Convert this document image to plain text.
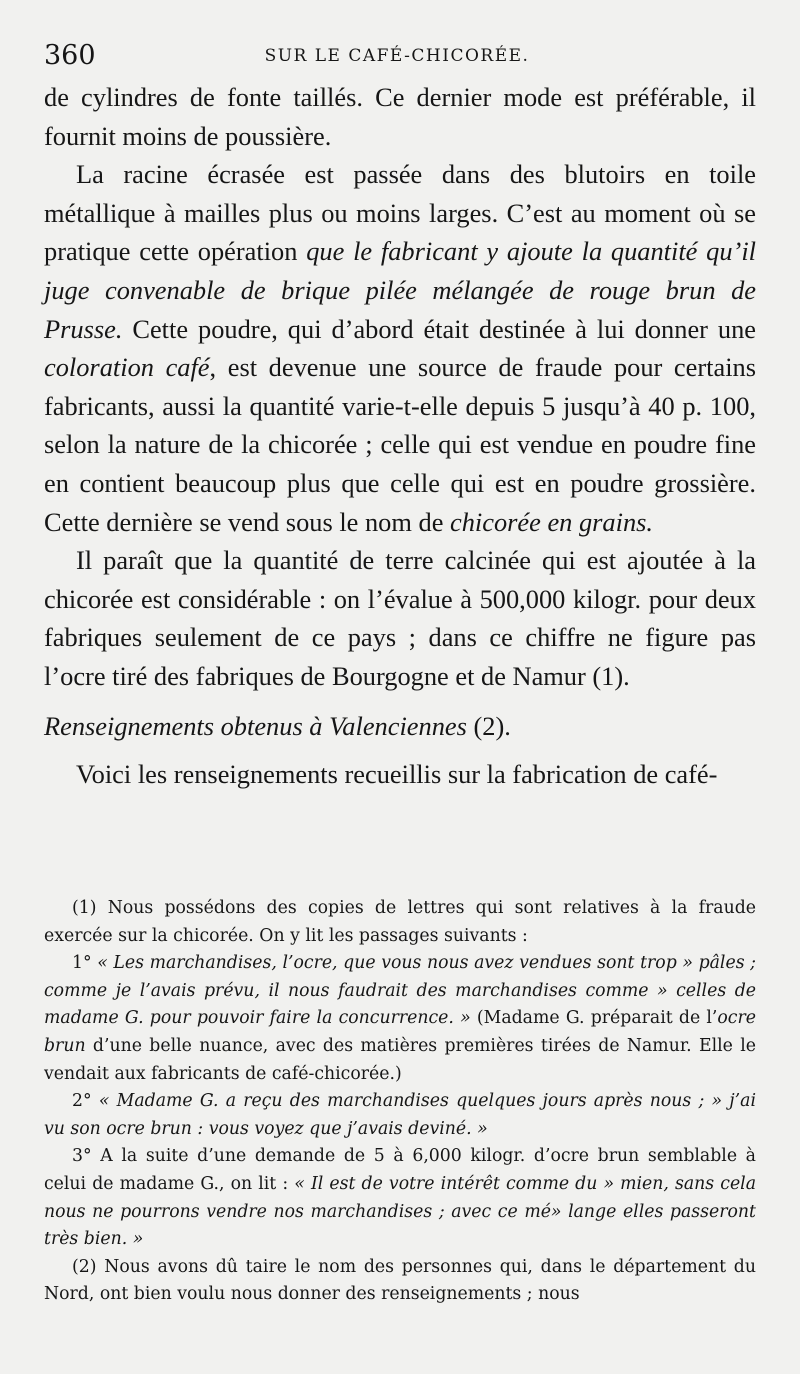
360	SUR LE CAFÉ-CHICORÉE.

de cylindres de fonte taillés. Ce dernier mode est préférable, il fournit moins de poussière.

La racine écrasée est passée dans des blutoirs en toile métallique à mailles plus ou moins larges. C’est au moment où se pratique cette opération que le fabricant y ajoute la quantité qu’il juge convenable de brique pilée mélangée de rouge brun de Prusse. Cette poudre, qui d’abord était destinée à lui donner une coloration café, est devenue une source de fraude pour certains fabricants, aussi la quantité varie-t-elle depuis 5 jusqu’à 40 p. 100, selon la nature de la chicorée ; celle qui est vendue en poudre fine en contient beaucoup plus que celle qui est en poudre grossière. Cette dernière se vend sous le nom de chicorée en grains.

Il paraît que la quantité de terre calcinée qui est ajoutée à la chicorée est considérable : on l’évalue à 500,000 kilogr. pour deux fabriques seulement de ce pays ; dans ce chiffre ne figure pas l’ocre tiré des fabriques de Bourgogne et de Namur (1).

Renseignements obtenus à Valenciennes (2).

Voici les renseignements recueillis sur la fabrication de café-

(1) Nous possédons des copies de lettres qui sont relatives à la fraude exercée sur la chicorée. On y lit les passages suivants :

1° « Les marchandises, l’ocre, que vous nous avez vendues sont trop » pâles ; comme je l’avais prévu, il nous faudrait des marchandises comme » celles de madame G. pour pouvoir faire la concurrence. » (Madame G. préparait de l’ocre brun d’une belle nuance, avec des matières premières tirées de Namur. Elle le vendait aux fabricants de café-chicorée.)

2° « Madame G. a reçu des marchandises quelques jours après nous ; » j’ai vu son ocre brun : vous voyez que j’avais deviné. »

3° A la suite d’une demande de 5 à 6,000 kilogr. d’ocre brun semblable à celui de madame G., on lit : « Il est de votre intérêt comme du » mien, sans cela nous ne pourrons vendre nos marchandises ; avec ce mé» lange elles passeront très bien. »

(2) Nous avons dû taire le nom des personnes qui, dans le département du Nord, ont bien voulu nous donner des renseignements ; nous
